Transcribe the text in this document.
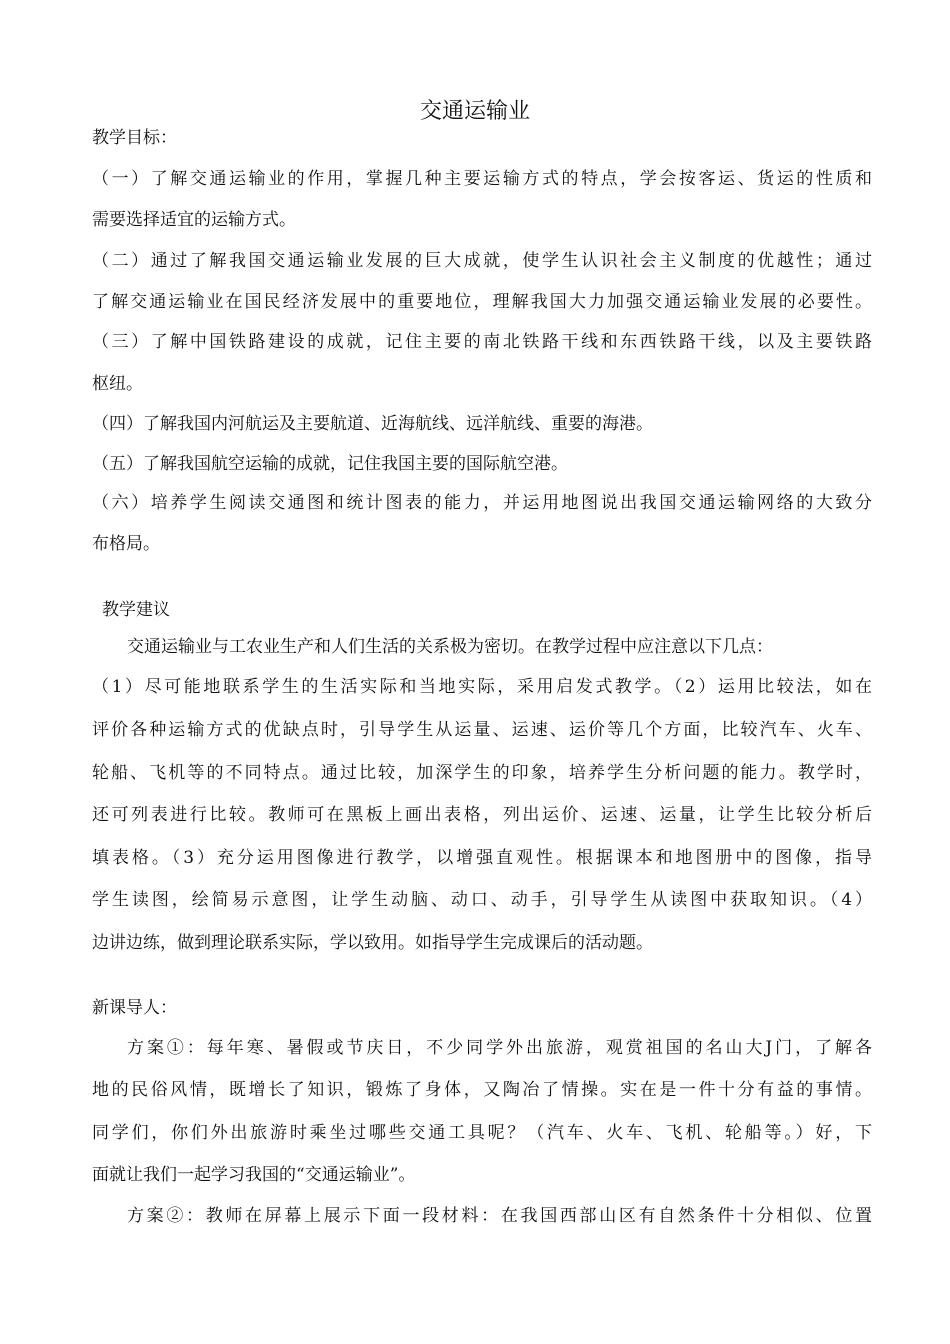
交通运输业
教学目标：
（一）了解交通运输业的作用，掌握几种主要运输方式的特点，学会按客运、货运的性质和
需要选择适宜的运输方式。
（二）通过了解我国交通运输业发展的巨大成就，使学生认识社会主义制度的优越性；通过
了解交通运输业在国民经济发展中的重要地位，理解我国大力加强交通运输业发展的必要性。
（三）了解中国铁路建设的成就，记住主要的南北铁路干线和东西铁路干线，以及主要铁路
枢纽。
（四）了解我国内河航运及主要航道、近海航线、远洋航线、重要的海港。
（五）了解我国航空运输的成就，记住我国主要的国际航空港。
（六）培养学生阅读交通图和统计图表的能力，并运用地图说出我国交通运输网络的大致分
布格局。
教学建议
交通运输业与工农业生产和人们生活的关系极为密切。在教学过程中应注意以下几点：
（1）尽可能地联系学生的生活实际和当地实际，采用启发式教学。（2）运用比较法，如在
评价各种运输方式的优缺点时，引导学生从运量、运速、运价等几个方面，比较汽车、火车、
轮船、飞机等的不同特点。通过比较，加深学生的印象，培养学生分析问题的能力。教学时，
还可列表进行比较。教师可在黑板上画出表格，列出运价、运速、运量，让学生比较分析后
填表格。（3）充分运用图像进行教学，以增强直观性。根据课本和地图册中的图像，指导
学生读图，绘简易示意图，让学生动脑、动口、动手，引导学生从读图中获取知识。（4）
边讲边练，做到理论联系实际，学以致用。如指导学生完成课后的活动题。
新课导人：
方案①：每年寒、暑假或节庆日，不少同学外出旅游，观赏祖国的名山大J门，了解各
地的民俗风情，既增长了知识，锻炼了身体，又陶冶了情操。实在是一件十分有益的事情。
同学们，你们外出旅游时乘坐过哪些交通工具呢？（汽车、火车、飞机、轮船等。）好，下
面就让我们一起学习我国的“交通运输业”。
方案②：教师在屏幕上展示下面一段材料：在我国西部山区有自然条件十分相似、位置
